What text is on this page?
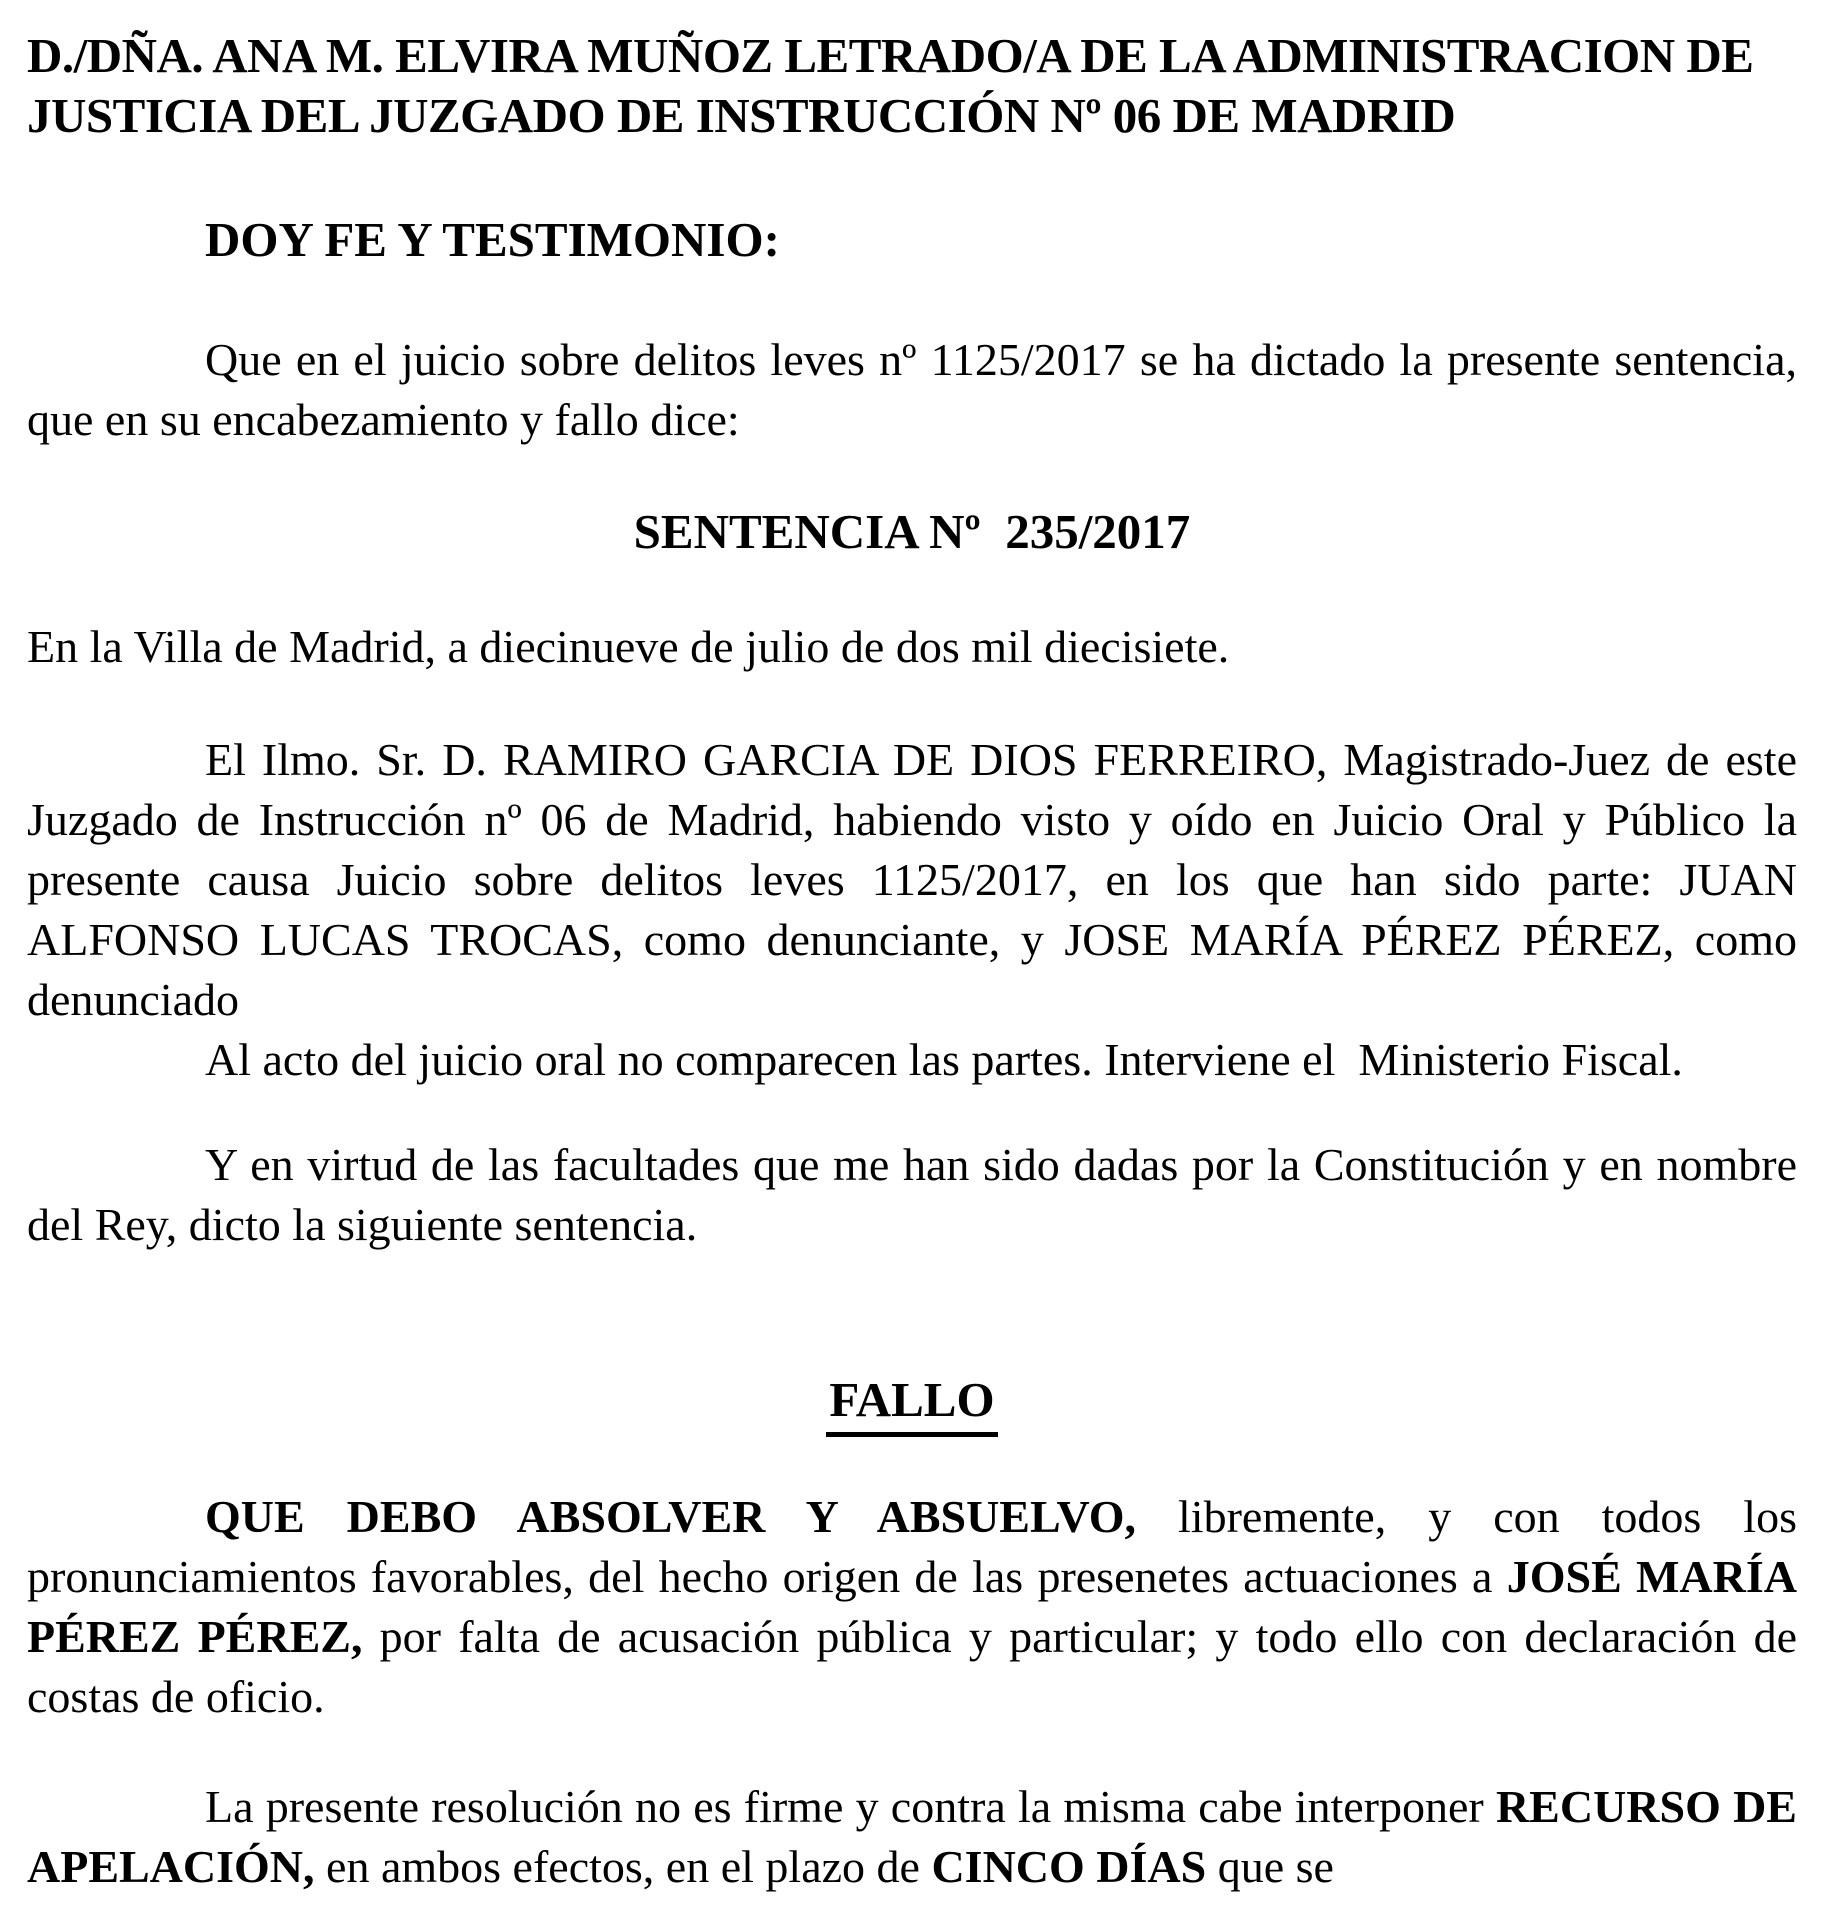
D./DÑA. ANA M. ELVIRA MUÑOZ LETRADO/A DE LA ADMINISTRACION DE JUSTICIA DEL JUZGADO DE INSTRUCCIÓN Nº 06 DE MADRID

DOY FE Y TESTIMONIO:

Que en el juicio sobre delitos leves nº 1125/2017 se ha dictado la presente sentencia, que en su encabezamiento y fallo dice:

SENTENCIA Nº  235/2017

En la Villa de Madrid, a diecinueve de julio de dos mil diecisiete.

El Ilmo. Sr. D. RAMIRO GARCIA DE DIOS FERREIRO, Magistrado-Juez de este Juzgado de Instrucción nº 06 de Madrid, habiendo visto y oído en Juicio Oral y Público la presente causa Juicio sobre delitos leves 1125/2017, en los que han sido parte: JUAN ALFONSO LUCAS TROCAS, como denunciante, y JOSE MARÍA PÉREZ PÉREZ, como denunciado

Al acto del juicio oral no comparecen las partes. Interviene el  Ministerio Fiscal.

Y en virtud de las facultades que me han sido dadas por la Constitución y en nombre del Rey, dicto la siguiente sentencia.

FALLO

QUE DEBO ABSOLVER Y ABSUELVO, libremente, y con todos los pronunciamientos favorables, del hecho origen de las presenetes actuaciones a JOSÉ MARÍA PÉREZ PÉREZ, por falta de acusación pública y particular; y todo ello con declaración de costas de oficio.

La presente resolución no es firme y contra la misma cabe interponer RECURSO DE APELACIÓN, en ambos efectos, en el plazo de CINCO DÍAS que se
